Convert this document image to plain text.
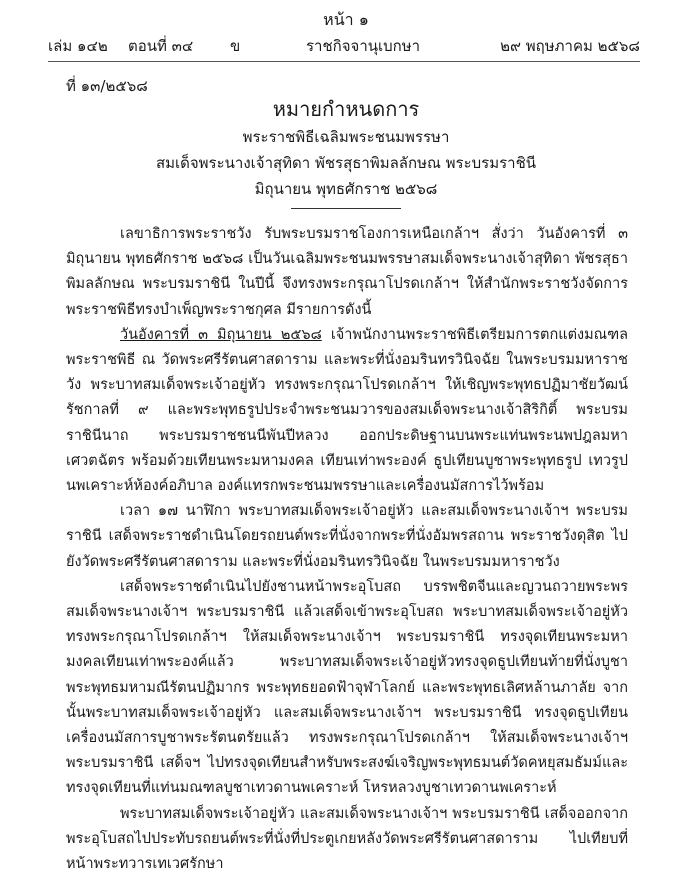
หน้า ๑
เล่ม ๑๔๒ ตอนที่ ๓๔ ข	ราชกิจจานุเบกษา	๒๙ พฤษภาคม ๒๕๖๘
ที่ ๑๓/๒๕๖๘
หมายกำหนดการ
พระราชพิธีเฉลิมพระชนมพรรษา
สมเด็จพระนางเจ้าสุทิดา พัชรสุธาพิมลลักษณ พระบรมราชินี
มิถุนายน พุทธศักราช ๒๕๖๘

เลขาธิการพระราชวัง รับพระบรมราชโองการเหนือเกล้าฯ สั่งว่า วันอังคารที่ ๓ มิถุนายน พุทธศักราช ๒๕๖๘ เป็นวันเฉลิมพระชนมพรรษาสมเด็จพระนางเจ้าสุทิดา พัชรสุธาพิมลลักษณ พระบรมราชินี ในปีนี้ จึงทรงพระกรุณาโปรดเกล้าฯ ให้สำนักพระราชวังจัดการพระราชพิธีทรงบำเพ็ญพระราชกุศล มีรายการดังนี้

วันอังคารที่ ๓ มิถุนายน ๒๕๖๘ เจ้าพนักงานพระราชพิธีเตรียมการตกแต่งมณฑลพระราชพิธี ณ วัดพระศรีรัตนศาสดาราม และพระที่นั่งอมรินทรวินิจฉัย ในพระบรมมหาราชวัง พระบาทสมเด็จพระเจ้าอยู่หัว ทรงพระกรุณาโปรดเกล้าฯ ให้เชิญพระพุทธปฏิมาชัยวัฒน์ รัชกาลที่ ๙ และพระพุทธรูปประจำพระชนมวารของสมเด็จพระนางเจ้าสิริกิติ์ พระบรมราชินีนาถ พระบรมราชชนนีพันปีหลวง ออกประดิษฐานบนพระแท่นพระนพปฎลมหาเศวตฉัตร พร้อมด้วยเทียนพระมหามงคล เทียนเท่าพระองค์ ธูปเทียนบูชาพระพุทธรูป เทวรูปนพเคราะห์ห้องค์อภิบาล องค์แทรกพระชนมพรรษาและเครื่องนมัสการไว้พร้อม

เวลา ๑๗ นาฬิกา พระบาทสมเด็จพระเจ้าอยู่หัว และสมเด็จพระนางเจ้าฯ พระบรมราชินี เสด็จพระราชดำเนินโดยรถยนต์พระที่นั่งจากพระที่นั่งอัมพรสถาน พระราชวังดุสิต ไปยังวัดพระศรีรัตนศาสดาราม และพระที่นั่งอมรินทรวินิจฉัย ในพระบรมมหาราชวัง

เสด็จพระราชดำเนินไปยังชานหน้าพระอุโบสถ บรรพชิตจีนและญวนถวายพระพรสมเด็จพระนางเจ้าฯ พระบรมราชินี แล้วเสด็จเข้าพระอุโบสถ พระบาทสมเด็จพระเจ้าอยู่หัวทรงพระกรุณาโปรดเกล้าฯ ให้สมเด็จพระนางเจ้าฯ พระบรมราชินี ทรงจุดเทียนพระมหามงคลเทียนเท่าพระองค์แล้ว พระบาทสมเด็จพระเจ้าอยู่หัวทรงจุดธูปเทียนท้ายที่นั่งบูชาพระพุทธมหามณีรัตนปฏิมากร พระพุทธยอดฟ้าจุฬาโลกย์ และพระพุทธเลิศหล้านภาลัย จากนั้นพระบาทสมเด็จพระเจ้าอยู่หัว และสมเด็จพระนางเจ้าฯ พระบรมราชินี ทรงจุดธูปเทียนเครื่องนมัสการบูชาพระรัตนตรัยแล้ว ทรงพระกรุณาโปรดเกล้าฯ ให้สมเด็จพระนางเจ้าฯ พระบรมราชินี เสด็จฯ ไปทรงจุดเทียนสำหรับพระสงฆ์เจริญพระพุทธมนต์วัดคหยุสมธัมม์และทรงจุดเทียนที่แท่นมณฑลบูชาเทวดานพเคราะห์ โหรหลวงบูชาเทวดานพเคราะห์

พระบาทสมเด็จพระเจ้าอยู่หัว และสมเด็จพระนางเจ้าฯ พระบรมราชินี เสด็จออกจากพระอุโบสถไปประทับรถยนต์พระที่นั่งที่ประตูเกยหลังวัดพระศรีรัตนศาสดาราม ไปเทียบที่หน้าพระทวารเทเวศรักษา
